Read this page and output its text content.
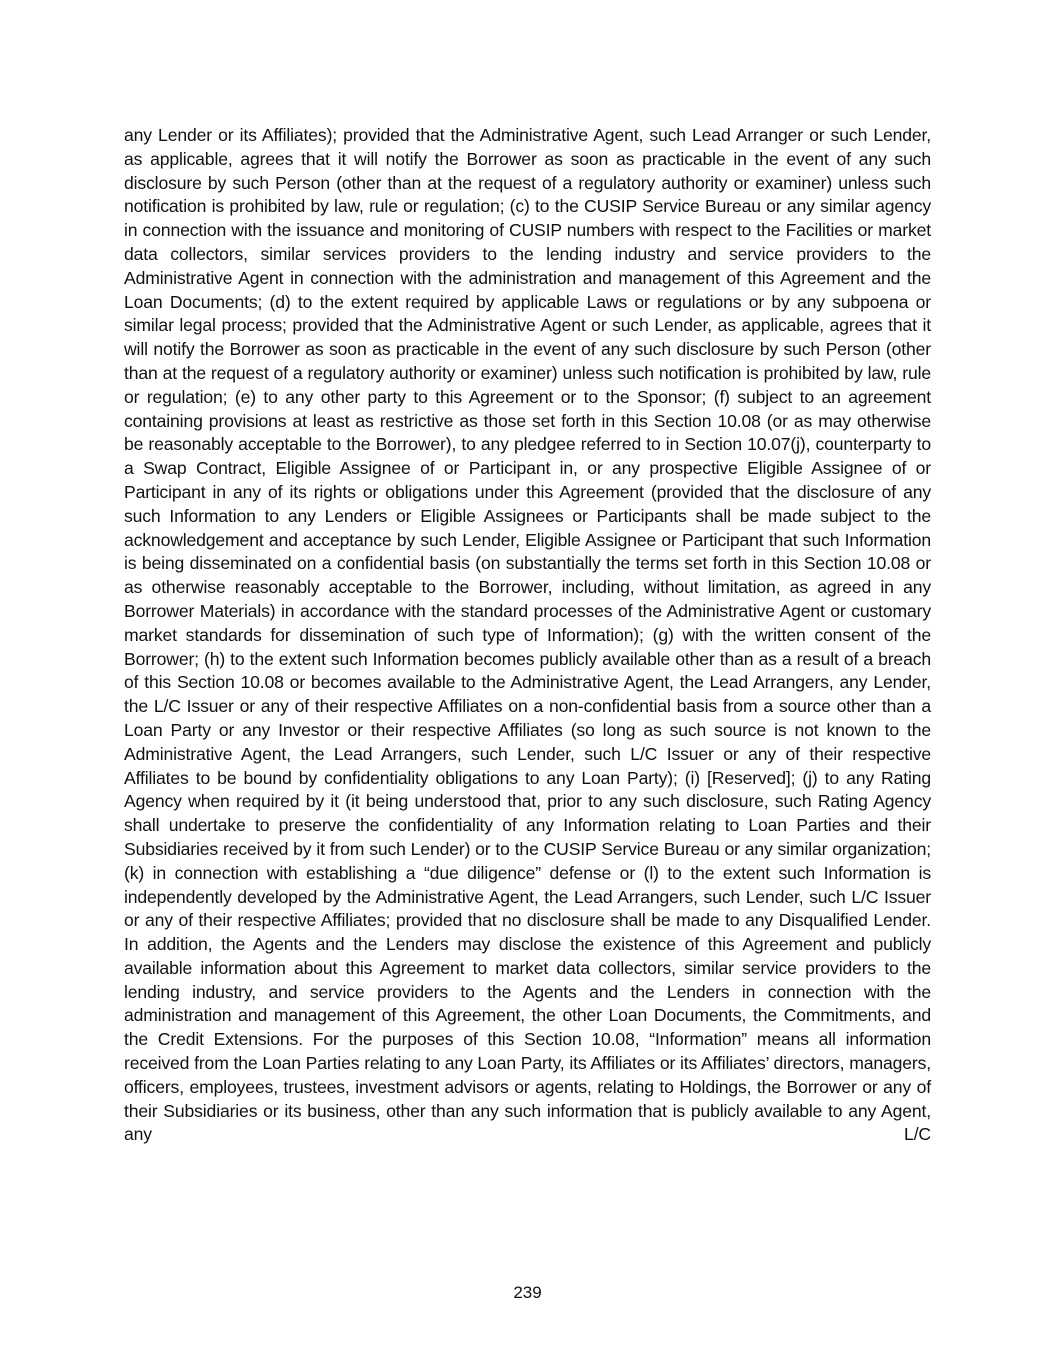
any Lender or its Affiliates); provided that the Administrative Agent, such Lead Arranger or such Lender, as applicable, agrees that it will notify the Borrower as soon as practicable in the event of any such disclosure by such Person (other than at the request of a regulatory authority or examiner) unless such notification is prohibited by law, rule or regulation; (c) to the CUSIP Service Bureau or any similar agency in connection with the issuance and monitoring of CUSIP numbers with respect to the Facilities or market data collectors, similar services providers to the lending industry and service providers to the Administrative Agent in connection with the administration and management of this Agreement and the Loan Documents; (d) to the extent required by applicable Laws or regulations or by any subpoena or similar legal process; provided that the Administrative Agent or such Lender, as applicable, agrees that it will notify the Borrower as soon as practicable in the event of any such disclosure by such Person (other than at the request of a regulatory authority or examiner) unless such notification is prohibited by law, rule or regulation; (e) to any other party to this Agreement or to the Sponsor; (f) subject to an agreement containing provisions at least as restrictive as those set forth in this Section 10.08 (or as may otherwise be reasonably acceptable to the Borrower), to any pledgee referred to in Section 10.07(j), counterparty to a Swap Contract, Eligible Assignee of or Participant in, or any prospective Eligible Assignee of or Participant in any of its rights or obligations under this Agreement (provided that the disclosure of any such Information to any Lenders or Eligible Assignees or Participants shall be made subject to the acknowledgement and acceptance by such Lender, Eligible Assignee or Participant that such Information is being disseminated on a confidential basis (on substantially the terms set forth in this Section 10.08 or as otherwise reasonably acceptable to the Borrower, including, without limitation, as agreed in any Borrower Materials) in accordance with the standard processes of the Administrative Agent or customary market standards for dissemination of such type of Information); (g) with the written consent of the Borrower; (h) to the extent such Information becomes publicly available other than as a result of a breach of this Section 10.08 or becomes available to the Administrative Agent, the Lead Arrangers, any Lender, the L/C Issuer or any of their respective Affiliates on a non-confidential basis from a source other than a Loan Party or any Investor or their respective Affiliates (so long as such source is not known to the Administrative Agent, the Lead Arrangers, such Lender, such L/C Issuer or any of their respective Affiliates to be bound by confidentiality obligations to any Loan Party); (i) [Reserved]; (j) to any Rating Agency when required by it (it being understood that, prior to any such disclosure, such Rating Agency shall undertake to preserve the confidentiality of any Information relating to Loan Parties and their Subsidiaries received by it from such Lender) or to the CUSIP Service Bureau or any similar organization; (k) in connection with establishing a “due diligence” defense or (l) to the extent such Information is independently developed by the Administrative Agent, the Lead Arrangers, such Lender, such L/C Issuer or any of their respective Affiliates; provided that no disclosure shall be made to any Disqualified Lender. In addition, the Agents and the Lenders may disclose the existence of this Agreement and publicly available information about this Agreement to market data collectors, similar service providers to the lending industry, and service providers to the Agents and the Lenders in connection with the administration and management of this Agreement, the other Loan Documents, the Commitments, and the Credit Extensions. For the purposes of this Section 10.08, “Information” means all information received from the Loan Parties relating to any Loan Party, its Affiliates or its Affiliates’ directors, managers, officers, employees, trustees, investment advisors or agents, relating to Holdings, the Borrower or any of their Subsidiaries or its business, other than any such information that is publicly available to any Agent, any L/C

239
